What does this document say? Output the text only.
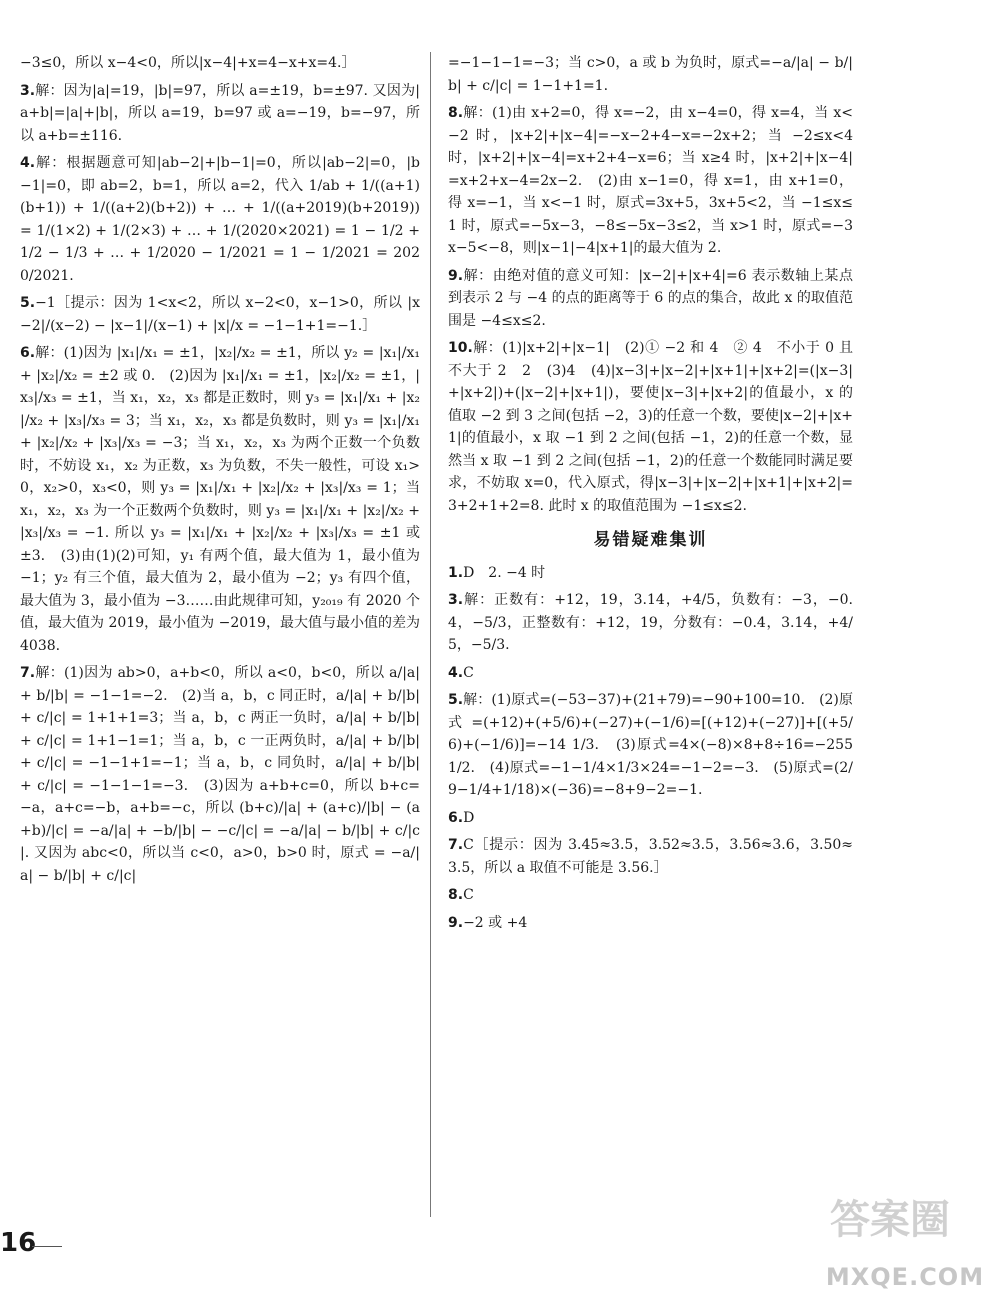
−3≤0，所以 x−4<0，所以|x−4|+x=4−x+x=4.］

3.解：因为|a|=19，|b|=97，所以 a=±19，b=±97. 又因为|a+b|=|a|+|b|，所以 a=19，b=97 或 a=−19，b=−97，所以 a+b=±116.

4.解：根据题意可知|ab−2|+|b−1|=0，所以|ab−2|=0，|b−1|=0，即 ab=2，b=1，所以 a=2，代入 1/ab + 1/((a+1)(b+1)) + 1/((a+2)(b+2)) + … + 1/((a+2019)(b+2019)) = 1/(1×2) + 1/(2×3) + … + 1/(2020×2021) = 1 − 1/2 + 1/2 − 1/3 + … + 1/2020 − 1/2021 = 1 − 1/2021 = 2020/2021.

5.−1［提示：因为 1<x<2，所以 x−2<0，x−1>0，所以 |x−2|/(x−2) − |x−1|/(x−1) + |x|/x = −1−1+1=−1.］

6.解：(1)因为 |x₁|/x₁ = ±1，|x₂|/x₂ = ±1，所以 y₂ = |x₁|/x₁ + |x₂|/x₂ = ±2 或 0.　(2)因为 |x₁|/x₁ = ±1，|x₂|/x₂ = ±1，|x₃|/x₃ = ±1，当 x₁，x₂，x₃ 都是正数时，则 y₃ = |x₁|/x₁ + |x₂|/x₂ + |x₃|/x₃ = 3；当 x₁，x₂，x₃ 都是负数时，则 y₃ = |x₁|/x₁ + |x₂|/x₂ + |x₃|/x₃ = −3；当 x₁，x₂，x₃ 为两个正数一个负数时，不妨设 x₁，x₂ 为正数，x₃ 为负数，不失一般性，可设 x₁>0，x₂>0，x₃<0，则 y₃ = |x₁|/x₁ + |x₂|/x₂ + |x₃|/x₃ = 1；当 x₁，x₂，x₃ 为一个正数两个负数时，则 y₃ = |x₁|/x₁ + |x₂|/x₂ + |x₃|/x₃ = −1. 所以 y₃ = |x₁|/x₁ + |x₂|/x₂ + |x₃|/x₃ = ±1 或 ±3.　(3)由(1)(2)可知，y₁ 有两个值，最大值为 1，最小值为 −1；y₂ 有三个值，最大值为 2，最小值为 −2；y₃ 有四个值，最大值为 3，最小值为 −3……由此规律可知，y₂₀₁₉ 有 2020 个值，最大值为 2019，最小值为 −2019，最大值与最小值的差为 4038.

7.解：(1)因为 ab>0，a+b<0，所以 a<0，b<0，所以 a/|a| + b/|b| = −1−1=−2.　(2)当 a，b，c 同正时，a/|a| + b/|b| + c/|c| = 1+1+1=3；当 a，b，c 两正一负时，a/|a| + b/|b| + c/|c| = 1+1−1=1；当 a，b，c 一正两负时，a/|a| + b/|b| + c/|c| = −1−1+1=−1；当 a，b，c 同负时，a/|a| + b/|b| + c/|c| = −1−1−1=−3.　(3)因为 a+b+c=0，所以 b+c=−a，a+c=−b，a+b=−c，所以 (b+c)/|a| + (a+c)/|b| − (a+b)/|c| = −a/|a| + −b/|b| − −c/|c| = −a/|a| − b/|b| + c/|c|. 又因为 abc<0，所以当 c<0，a>0，b>0 时，原式 = −a/|a| − b/|b| + c/|c|

=−1−1−1=−3；当 c>0，a 或 b 为负时，原式=−a/|a| − b/|b| + c/|c| = 1−1+1=1.

8.解：(1)由 x+2=0，得 x=−2，由 x−4=0，得 x=4，当 x<−2 时，|x+2|+|x−4|=−x−2+4−x=−2x+2；当 −2≤x<4 时，|x+2|+|x−4|=x+2+4−x=6；当 x≥4 时，|x+2|+|x−4|=x+2+x−4=2x−2.　(2)由 x−1=0，得 x=1，由 x+1=0，得 x=−1，当 x<−1 时，原式=3x+5，3x+5<2，当 −1≤x≤1 时，原式=−5x−3，−8≤−5x−3≤2，当 x>1 时，原式=−3x−5<−8，则|x−1|−4|x+1|的最大值为 2.

9.解：由绝对值的意义可知：|x−2|+|x+4|=6 表示数轴上某点到表示 2 与 −4 的点的距离等于 6 的点的集合，故此 x 的取值范围是 −4≤x≤2.

10.解：(1)|x+2|+|x−1|　(2)① −2 和 4　② 4　不小于 0 且不大于 2　2　(3)4　(4)|x−3|+|x−2|+|x+1|+|x+2|=(|x−3|+|x+2|)+(|x−2|+|x+1|)，要使|x−3|+|x+2|的值最小，x 的值取 −2 到 3 之间(包括 −2，3)的任意一个数，要使|x−2|+|x+1|的值最小，x 取 −1 到 2 之间(包括 −1，2)的任意一个数，显然当 x 取 −1 到 2 之间(包括 −1，2)的任意一个数能同时满足要求，不妨取 x=0，代入原式，得|x−3|+|x−2|+|x+1|+|x+2|=3+2+1+2=8. 此时 x 的取值范围为 −1≤x≤2.

易错疑难集训

1.D　2. −4 时

3.解：正数有：+12，19，3.14，+4/5，负数有：−3，−0.4，−5/3，正整数有：+12，19，分数有：−0.4，3.14，+4/5，−5/3.

4.C

5.解：(1)原式=(−53−37)+(21+79)=−90+100=10.　(2)原式=(+12)+(+5/6)+(−27)+(−1/6)=[(+12)+(−27)]+[(+5/6)+(−1/6)]=−14 1/3.　(3)原式=4×(−8)×8+8÷16=−255 1/2.　(4)原式=−1−1/4×1/3×24=−1−2=−3.　(5)原式=(2/9−1/4+1/18)×(−36)=−8+9−2=−1.

6.D

7.C［提示：因为 3.45≈3.5，3.52≈3.5，3.56≈3.6，3.50≈3.5，所以 a 取值不可能是 3.56.］

8.C

9.−2 或 +4

16	答案圈
MXQE.COM
